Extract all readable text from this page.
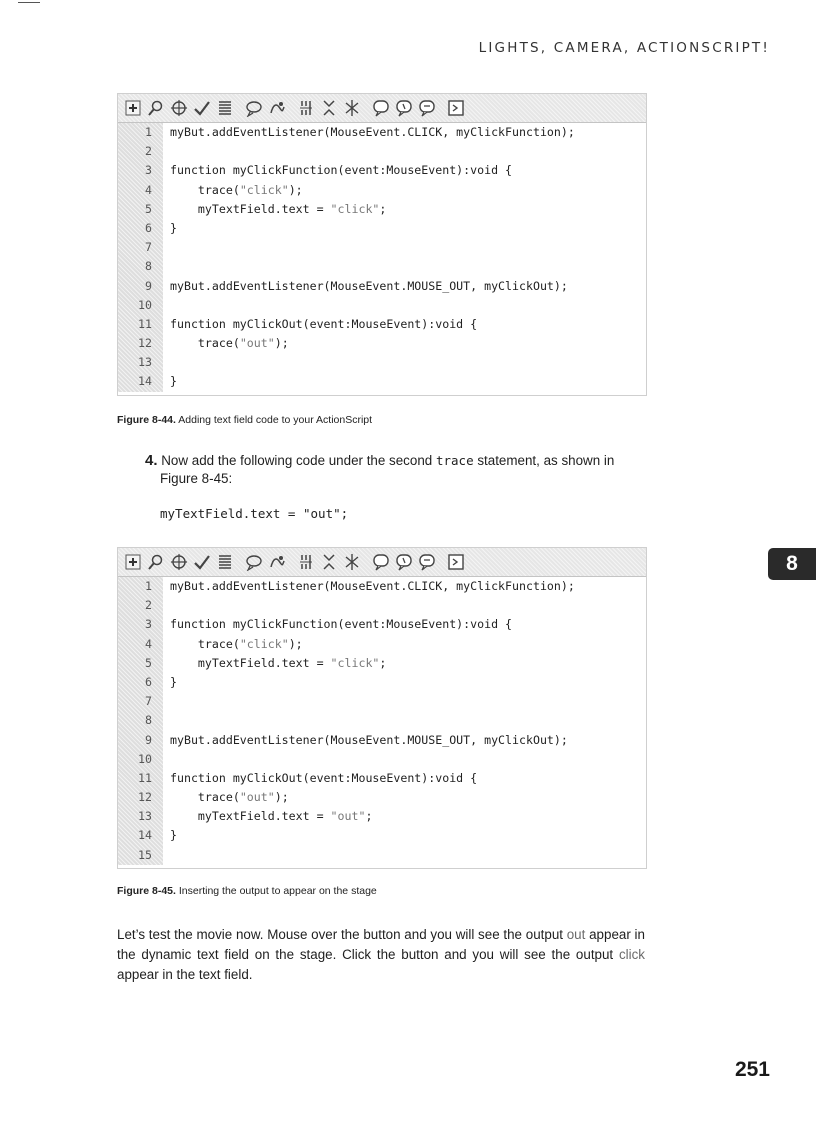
LIGHTS, CAMERA, ACTIONSCRIPT!
1 myBut.addEventListener(MouseEvent.CLICK, myClickFunction);
2
3 function myClickFunction(event:MouseEvent):void {
4 trace("click");
5 myTextField.text = "click";
6 }
7
8
9 myBut.addEventListener(MouseEvent.MOUSE_OUT, myClickOut);
10
11 function myClickOut(event:MouseEvent):void {
12 trace("out");
13
14 }
Figure 8-44. Adding text field code to your ActionScript
4. Now add the following code under the second trace statement, as shown in
Figure 8-45:
myTextField.text = "out";
1 myBut.addEventListener(MouseEvent.CLICK, myClickFunction);
2
3 function myClickFunction(event:MouseEvent):void {
4 trace("click");
5 myTextField.text = "click";
6 }
7
8
9 myBut.addEventListener(MouseEvent.MOUSE_OUT, myClickOut);
10
11 function myClickOut(event:MouseEvent):void {
12 trace("out");
13 myTextField.text = "out";
14 }
15
Figure 8-45. Inserting the output to appear on the stage
Let’s test the movie now. Mouse over the button and you will see the output out appear in the dynamic text field on the stage. Click the button and you will see the output click appear in the text field.
8
251
